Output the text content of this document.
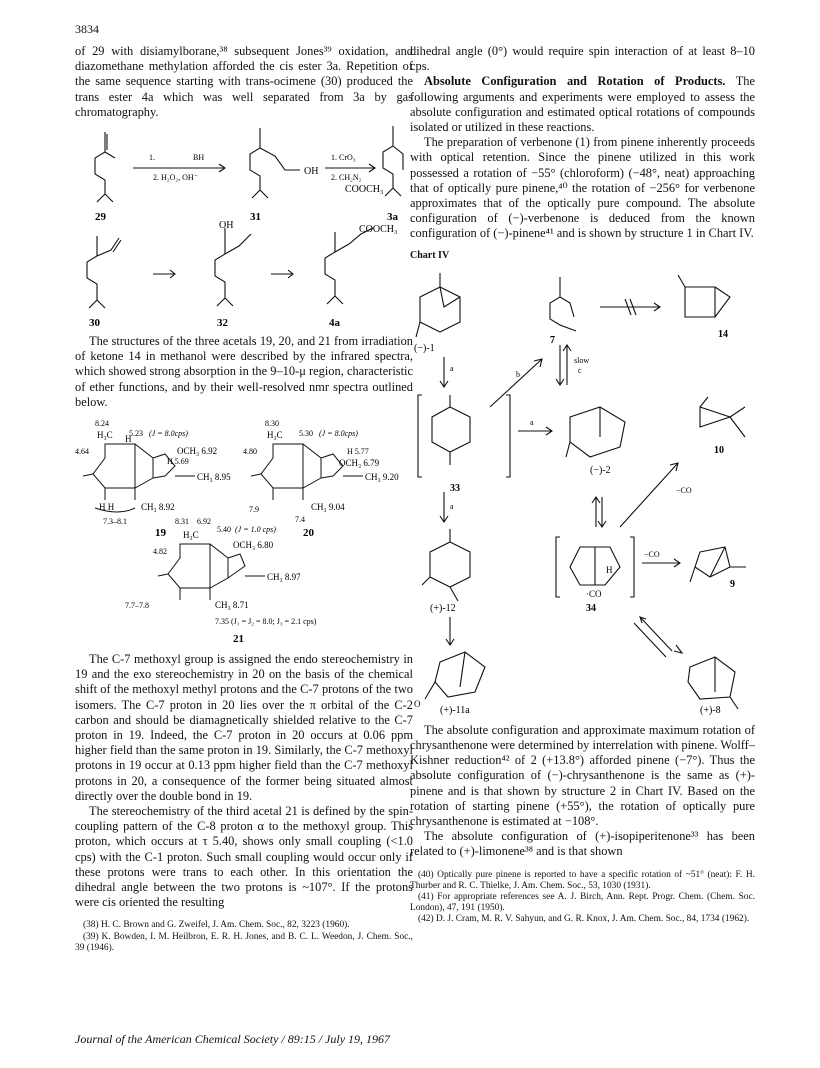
3834

of 29 with disiamylborane,³⁸ subsequent Jones³⁹ oxidation, and diazomethane methylation afforded the cis ester 3a. Repetition of the same sequence starting with trans-ocimene (30) produced the trans ester 4a which was well separated from 3a by gas chromatography.

1.	BH
2. H₂O₂, OH⁻
OH
1. CrO₃
2. CH₂N₂
COOCH₃
29	31	3a
OH	COOCH₃
30	32	4a

The structures of the three acetals 19, 20, and 21 from irradiation of ketone 14 in methanol were described by the infrared spectra, which showed strong absorption in the 9–10-μ region, characteristic of ether functions, and by their well-resolved nmr spectra outlined below.

8.24
H₃C 5.23 (J = 8.0cps)
4.64
H
OCH₃ 6.92
H 5.69
CH₃ 8.95
H H	CH₃ 8.92
7.3–8.1
19
8.30
H₃C 5.30 (J = 8.0cps)
4.80	H 5.77
OCH₃ 6.79
CH₃ 9.20
7.9	CH₃ 9.04
7.4
20
8.31 6.92
5.40 (J = 1.0 cps)
H₃C
4.82
OCH₃ 6.80
CH₃ 8.97
7.7–7.8	CH₃ 8.71
7.35 (J₁ = J₂ = 8.0; J₃ = 2.1 cps)
21

The C-7 methoxyl group is assigned the endo stereochemistry in 19 and the exo stereochemistry in 20 on the basis of the chemical shift of the methoxyl methyl protons and the C-7 protons of the two isomers. The C-7 proton in 20 lies over the π orbital of the C-2 carbon and should be diamagnetically shielded relative to the C-7 proton in 19. Indeed, the C-7 proton in 20 occurs at 0.06 ppm higher field than the same proton in 19. Similarly, the C-7 methoxyl protons in 19 occur at 0.13 ppm higher field than the C-7 methoxyl protons in 20, a consequence of the former being situated almost directly over the double bond in 19.

The stereochemistry of the third acetal 21 is defined by the spin-coupling pattern of the C-8 proton α to the methoxyl group. This proton, which occurs at τ 5.40, shows only small coupling (<1.0 cps) with the C-1 proton. Such small coupling would occur only if these protons were trans to each other. In this orientation the dihedral angle between the two protons is ~107°. If the protons were cis oriented the resulting

(38) H. C. Brown and G. Zweifel, J. Am. Chem. Soc., 82, 3223 (1960).

(39) K. Bowden, I. M. Heilbron, E. R. H. Jones, and B. C. L. Weedon, J. Chem. Soc., 39 (1946).

dihedral angle (0°) would require spin interaction of at least 8–10 cps.

Absolute Configuration and Rotation of Products. The following arguments and experiments were employed to assess the absolute configuration and estimated optical rotations of compounds isolated or utilized in these reactions.

The preparation of verbenone (1) from pinene inherently proceeds with optical retention. Since the pinene utilized in this work possessed a rotation of −55° (chloroform) (−48°, neat) approaching that of optically pure pinene,⁴⁰ the rotation of −256° for verbenone approximates that of the optically pure compound. The absolute configuration of (−)-verbenone is deduced from the known configuration of (−)-pinene⁴¹ and is shown by structure 1 in Chart IV.

Chart IV
(−)-1
7
14
a
b
slow
c
a
33
(−)-2
10
−CO
a
−CO
H
·CO
(+)-12	34
9
(+)-11a	(+)-8
O

The absolute configuration and approximate maximum rotation of chrysanthenone were determined by interrelation with pinene. Wolff–Kishner reduction⁴² of 2 (+13.8°) afforded pinene (−7°). Thus the absolute configuration of (−)-chrysanthenone is the same as (+)-pinene and is that shown by structure 2 in Chart IV. Based on the rotation of starting pinene (+55°), the rotation of optically pure chrysanthenone is estimated at −108°.

The absolute configuration of (+)-isopiperitenone³³ has been related to (+)-limonene³⁸ and is that shown

(40) Optically pure pinene is reported to have a specific rotation of ~51° (neat): F. H. Thurber and R. C. Thielke, J. Am. Chem. Soc., 53, 1030 (1931).

(41) For appropriate references see A. J. Birch, Ann. Rept. Progr. Chem. (Chem. Soc. London), 47, 191 (1950).

(42) D. J. Cram, M. R. V. Sahyun, and G. R. Knox, J. Am. Chem. Soc., 84, 1734 (1962).

Journal of the American Chemical Society / 89:15 / July 19, 1967
